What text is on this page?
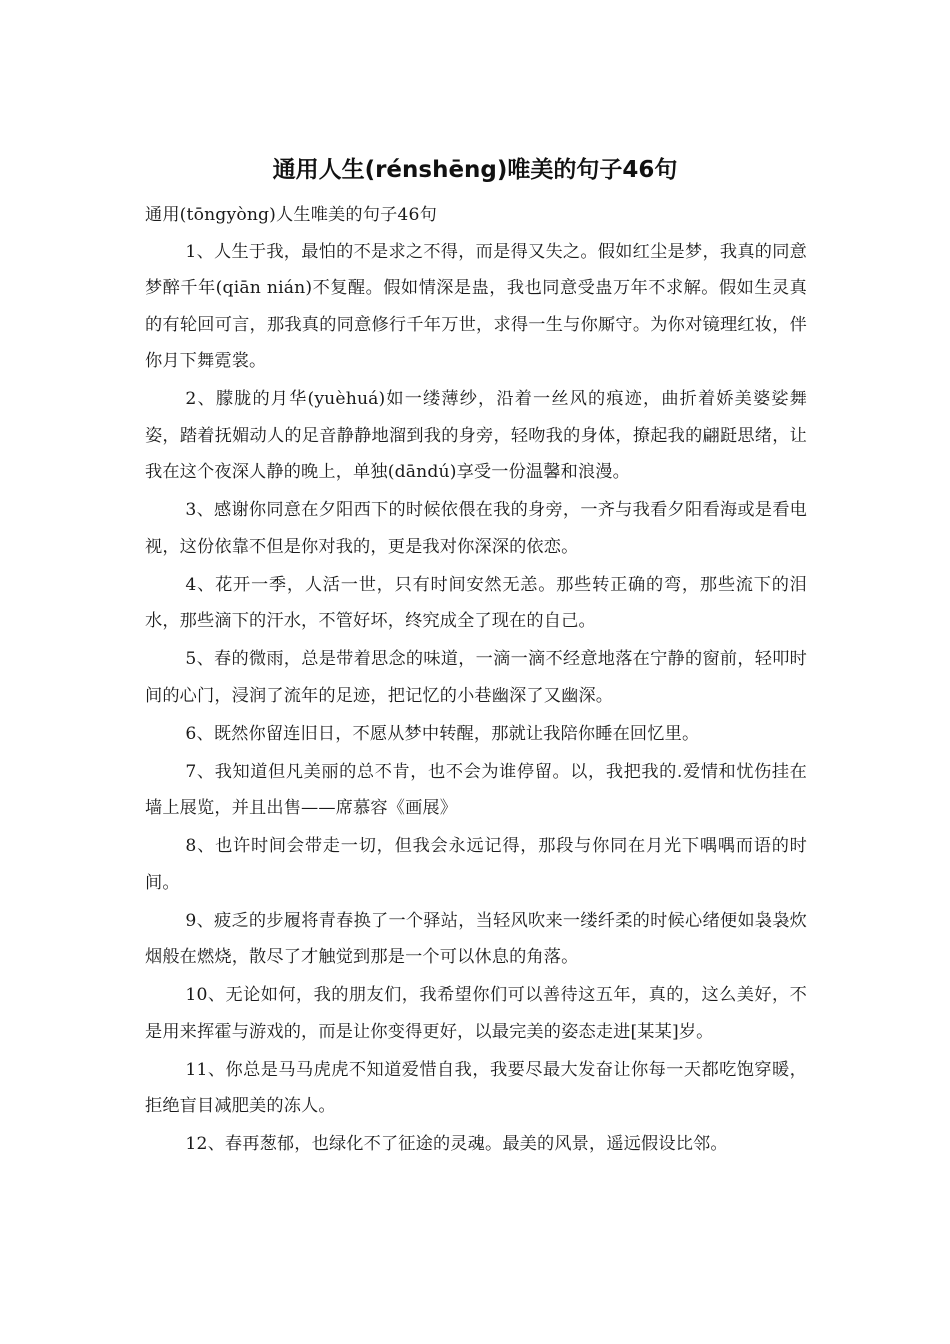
通用人生(rénshēng)唯美的句子46句

通用(tōngyòng)人生唯美的句子46句

1、人生于我，最怕的不是求之不得，而是得又失之。假如红尘是梦，我真的同意梦醉千年(qiān nián)不复醒。假如情深是蛊，我也同意受蛊万年不求解。假如生灵真的有轮回可言，那我真的同意修行千年万世，求得一生与你厮守。为你对镜理红妆，伴你月下舞霓裳。

2、朦胧的月华(yuèhuá)如一缕薄纱，沿着一丝风的痕迹，曲折着娇美婆娑舞姿，踏着抚媚动人的足音静静地溜到我的身旁，轻吻我的身体，撩起我的翩跹思绪，让我在这个夜深人静的晚上，单独(dāndú)享受一份温馨和浪漫。

3、感谢你同意在夕阳西下的时候依偎在我的身旁，一齐与我看夕阳看海或是看电视，这份依靠不但是你对我的，更是我对你深深的依恋。

4、花开一季，人活一世，只有时间安然无恙。那些转正确的弯，那些流下的泪水，那些滴下的汗水，不管好坏，终究成全了现在的自己。

5、春的微雨，总是带着思念的味道，一滴一滴不经意地落在宁静的窗前，轻叩时间的心门，浸润了流年的足迹，把记忆的小巷幽深了又幽深。

6、既然你留连旧日，不愿从梦中转醒，那就让我陪你睡在回忆里。

7、我知道但凡美丽的总不肯，也不会为谁停留。以，我把我的.爱情和忧伤挂在墙上展览，并且出售——席慕容《画展》

8、也许时间会带走一切，但我会永远记得，那段与你同在月光下喁喁而语的时间。

9、疲乏的步履将青春换了一个驿站，当轻风吹来一缕纤柔的时候心绪便如袅袅炊烟般在燃烧，散尽了才触觉到那是一个可以休息的角落。

10、无论如何，我的朋友们，我希望你们可以善待这五年，真的，这么美好，不是用来挥霍与游戏的，而是让你变得更好，以最完美的姿态走进[某某]岁。

11、你总是马马虎虎不知道爱惜自我，我要尽最大发奋让你每一天都吃饱穿暖，拒绝盲目减肥美的冻人。

12、春再葱郁，也绿化不了征途的灵魂。最美的风景，遥远假设比邻。
